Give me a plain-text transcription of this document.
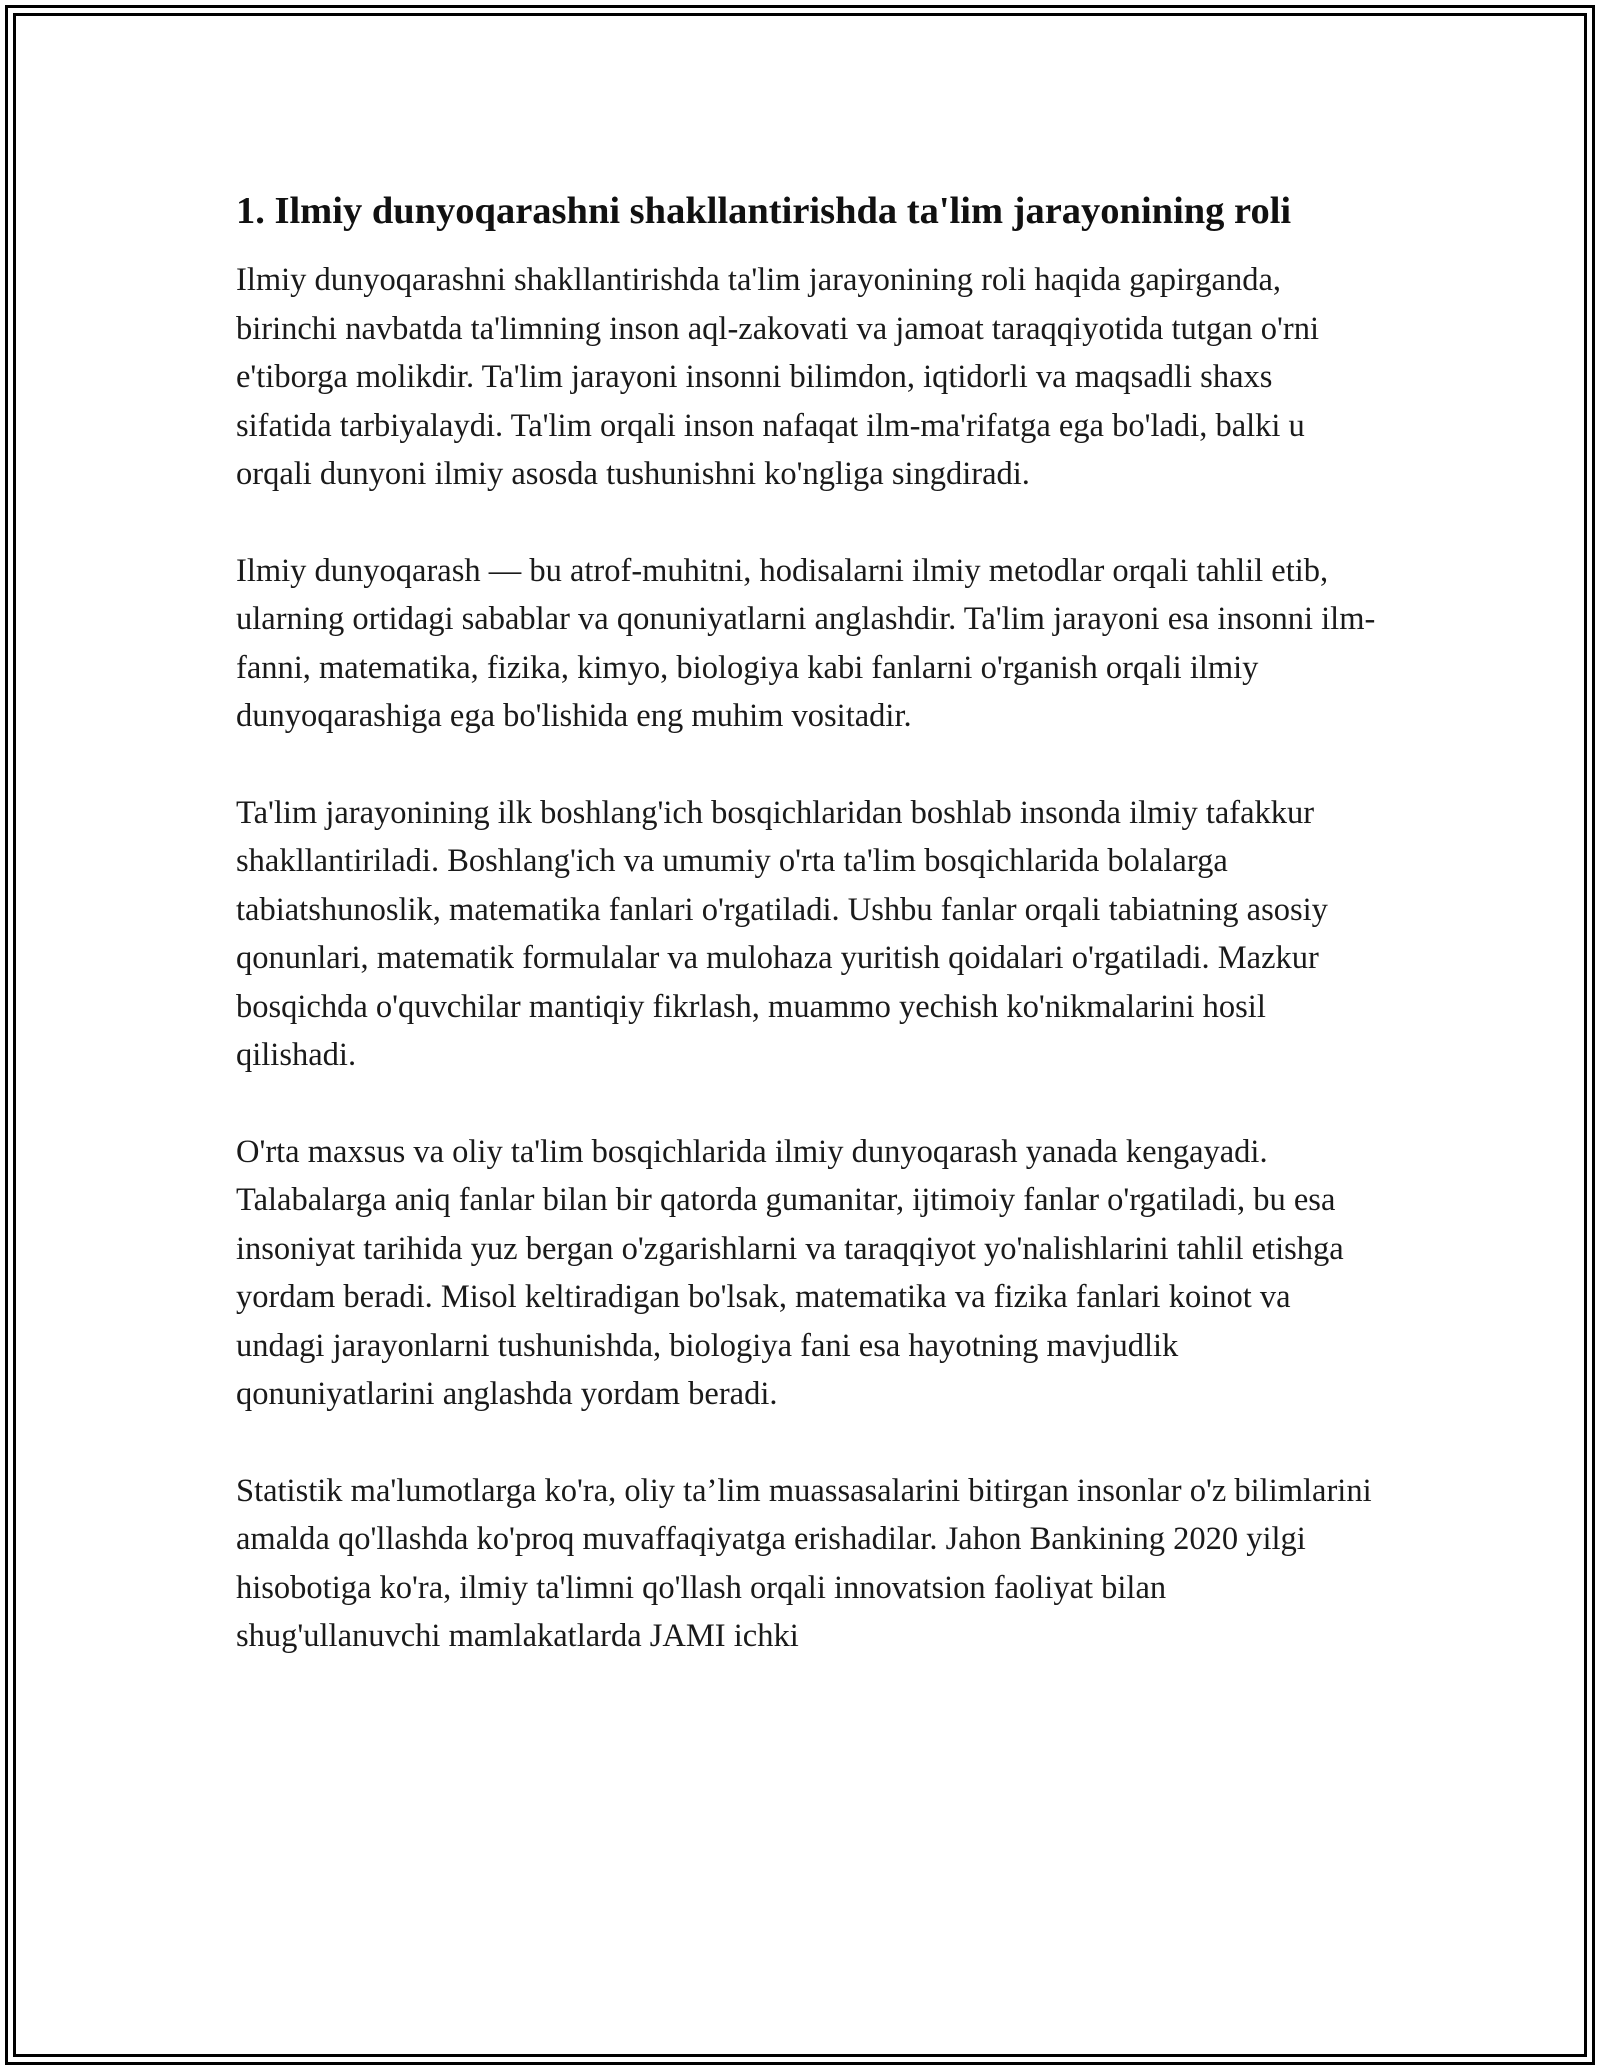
1. Ilmiy dunyoqarashni shakllantirishda ta'lim jarayonining roli

Ilmiy dunyoqarashni shakllantirishda ta'lim jarayonining roli haqida gapirganda, birinchi navbatda ta'limning inson aql-zakovati va jamoat taraqqiyotida tutgan o'rni e'tiborga molikdir. Ta'lim jarayoni insonni bilimdon, iqtidorli va maqsadli shaxs sifatida tarbiyalaydi. Ta'lim orqali inson nafaqat ilm-ma'rifatga ega bo'ladi, balki u orqali dunyoni ilmiy asosda tushunishni ko'ngliga singdiradi.

Ilmiy dunyoqarash — bu atrof-muhitni, hodisalarni ilmiy metodlar orqali tahlil etib, ularning ortidagi sabablar va qonuniyatlarni anglashdir. Ta'lim jarayoni esa insonni ilm-fanni, matematika, fizika, kimyo, biologiya kabi fanlarni o'rganish orqali ilmiy dunyoqarashiga ega bo'lishida eng muhim vositadir.

Ta'lim jarayonining ilk boshlang'ich bosqichlaridan boshlab insonda ilmiy tafakkur shakllantiriladi. Boshlang'ich va umumiy o'rta ta'lim bosqichlarida bolalarga tabiatshunoslik, matematika fanlari o'rgatiladi. Ushbu fanlar orqali tabiatning asosiy qonunlari, matematik formulalar va mulohaza yuritish qoidalari o'rgatiladi. Mazkur bosqichda o'quvchilar mantiqiy fikrlash, muammo yechish ko'nikmalarini hosil qilishadi.

O'rta maxsus va oliy ta'lim bosqichlarida ilmiy dunyoqarash yanada kengayadi. Talabalarga aniq fanlar bilan bir qatorda gumanitar, ijtimoiy fanlar o'rgatiladi, bu esa insoniyat tarihida yuz bergan o'zgarishlarni va taraqqiyot yo'nalishlarini tahlil etishga yordam beradi. Misol keltiradigan bo'lsak, matematika va fizika fanlari koinot va undagi jarayonlarni tushunishda, biologiya fani esa hayotning mavjudlik qonuniyatlarini anglashda yordam beradi.

Statistik ma'lumotlarga ko'ra, oliy ta’lim muassasalarini bitirgan insonlar o'z bilimlarini amalda qo'llashda ko'proq muvaffaqiyatga erishadilar. Jahon Bankining 2020 yilgi hisobotiga ko'ra, ilmiy ta'limni qo'llash orqali innovatsion faoliyat bilan shug'ullanuvchi mamlakatlarda JAMI ichki
